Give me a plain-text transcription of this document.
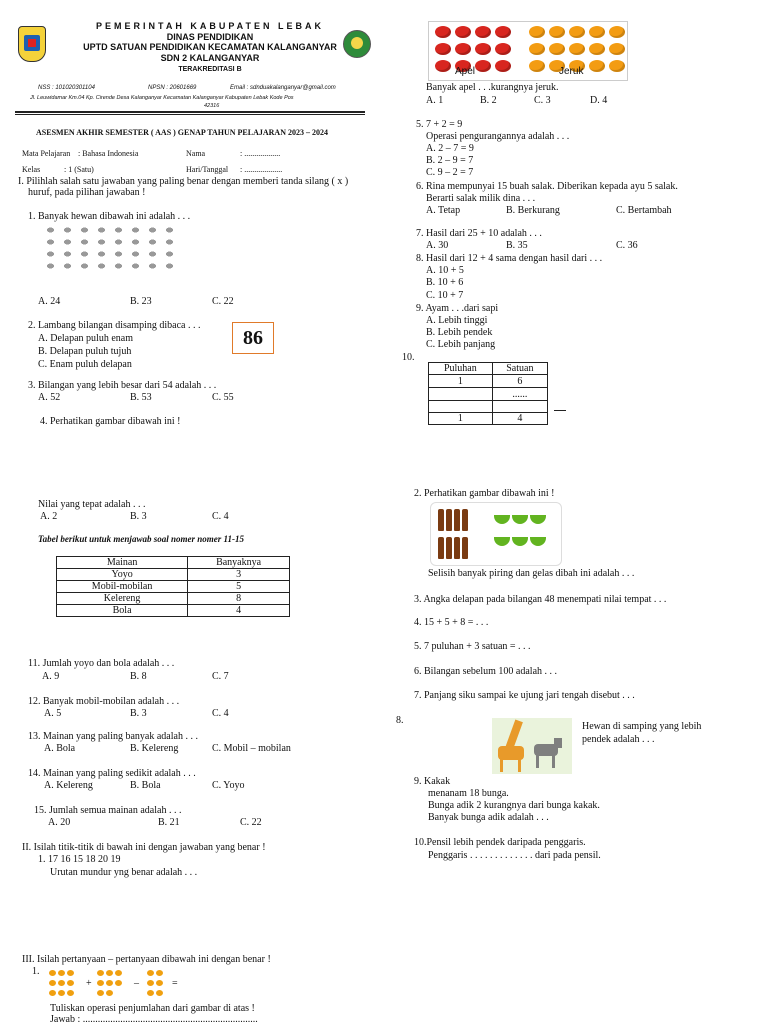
PEMERINTAH KABUPATEN LEBAK
DINAS PENDIDIKAN
UPTD SATUAN PENDIDIKAN KECAMATAN KALANGANYAR
SDN 2 KALANGANYAR
TERAKREDITASI B
NSS : 101020301104	NPSN : 20601669	Email : sdnduakalanganyar@gmail.com
Jl. Leuwidamar Km.04 Kp. Cirende Desa Kalanganyar Kecamatan Kalanganyar Kabupaten Lebak Kode Pos
42316
ASESMEN AKHIR SEMESTER ( AAS ) GENAP TAHUN PELAJARAN 2023 – 2024
Mata Pelajaran : Bahasa Indonesia	Nama	: ..................
Kelas	: 1 (Satu)	Hari/Tanggal : ...................
I. Pilihlah salah satu jawaban yang paling benar dengan memberi tanda silang ( x )
huruf, pada pilihan jawaban !
1. Banyak hewan dibawah ini adalah . . .
A. 24	B. 23	C. 22
2. Lambang bilangan disamping dibaca . . .
A. Delapan puluh enam
B. Delapan puluh tujuh
C. Enam puluh delapan
86
3. Bilangan yang lebih besar dari 54 adalah . . .
A. 52	B. 53	C. 55
4. Perhatikan gambar dibawah ini !
Nilai yang tepat adalah . . .
A. 2	B. 3	C. 4
Tabel berikut untuk menjawab soal nomer nomer 11-15
Mainan	Banyaknya
Yoyo	3
Mobil-mobilan	5
Kelereng	8
Bola	4
11. Jumlah yoyo dan bola adalah . . .
A. 9	B. 8	C. 7
12. Banyak mobil-mobilan adalah . . .
A. 5	B. 3	C. 4
13. Mainan yang paling banyak adalah . . .
A. Bola	B. Kelereng	C. Mobil – mobilan
14. Mainan yang paling sedikit adalah . . .
A. Kelereng	B. Bola	C. Yoyo
15. Jumlah semua mainan adalah . . .
A. 20	B. 21	C. 22
II. Isilah titik-titik di bawah ini dengan jawaban yang benar !
1. 17 16 15 18 20 19
Urutan mundur yng benar adalah . . .
III. Isilah pertanyaan – pertanyaan dibawah ini dengan benar !
1.
+	–	=
Tuliskan operasi penjumlahan dari gambar di atas !
Jawab : ......................................................................

Apel	Jeruk
Banyak apel . . .kurangnya jeruk.
A. 1	B. 2	C. 3	D. 4
5. 7 + 2 = 9
Operasi pengurangannya adalah . . .
A. 2 – 7 = 9
B. 2 – 9 = 7
C. 9 – 2 = 7
6. Rina mempunyai 15 buah salak. Diberikan kepada ayu 5 salak.
Berarti salak milik dina . . .
A. Tetap	B. Berkurang	C. Bertambah
7. Hasil dari 25 + 10 adalah . . .
A. 30	B. 35	C. 36
8. Hasil dari 12 + 4 sama dengan hasil dari . . .
A. 10 + 5
B. 10 + 6
C. 10 + 7
9. Ayam . . .dari sapi
A. Lebih tinggi
B. Lebih pendek
C. Lebih panjang
10.
Puluhan	Satuan
1	6
	......

1	4
2. Perhatikan gambar dibawah ini !
Selisih banyak piring dan gelas dibah ini adalah . . .
3. Angka delapan pada bilangan 48 menempati nilai tempat . . .
4. 15 + 5 + 8 = . . .
5. 7 puluhan + 3 satuan = . . .
6. Bilangan sebelum 100 adalah . . .
7. Panjang siku sampai ke ujung jari tengah disebut . . .
8.
Hewan di samping yang lebih
pendek adalah . . .
9. Kakak
menanam 18 bunga.
Bunga adik 2 kurangnya dari bunga kakak.
Banyak bunga adik adalah . . .
10.Pensil lebih pendek daripada penggaris.
Penggaris . . . . . . . . . . . . . dari pada pensil.
